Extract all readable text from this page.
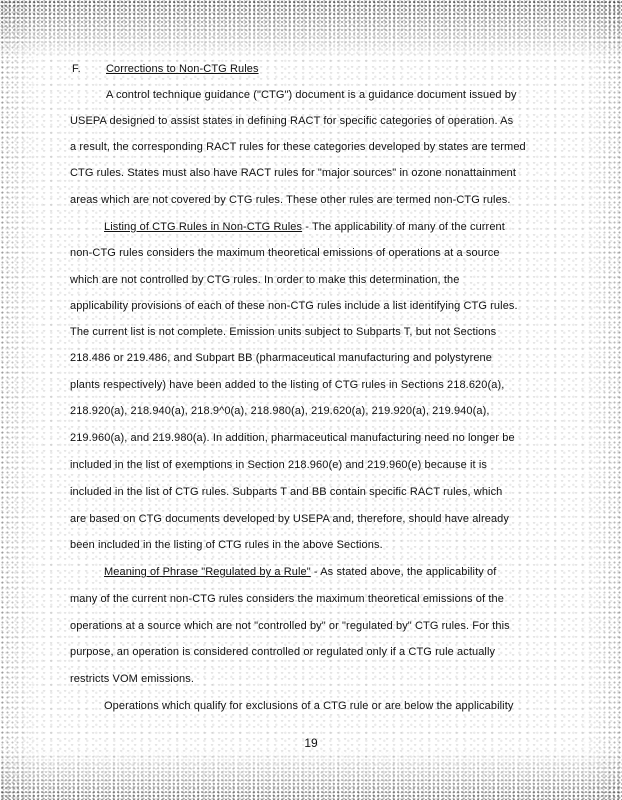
F. Corrections to Non-CTG Rules
A control technique guidance ("CTG") document is a guidance document issued by
USEPA designed to assist states in defining RACT for specific categories of operation. As
a result, the corresponding RACT rules for these categories developed by states are termed
CTG rules. States must also have RACT rules for "major sources" in ozone nonattainment
areas which are not covered by CTG rules. These other rules are termed non-CTG rules.
Listing of CTG Rules in Non-CTG Rules - The applicability of many of the current
non-CTG rules considers the maximum theoretical emissions of operations at a source
which are not controlled by CTG rules. In order to make this determination, the
applicability provisions of each of these non-CTG rules include a list identifying CTG rules.
The current list is not complete. Emission units subject to Subparts T, but not Sections
218.486 or 219.486, and Subpart BB (pharmaceutical manufacturing and polystyrene
plants respectively) have been added to the listing of CTG rules in Sections 218.620(a),
218.920(a), 218.940(a), 218.9^0(a), 218.980(a), 219.620(a), 219.920(a), 219.940(a),
219.960(a), and 219.980(a). In addition, pharmaceutical manufacturing need no longer be
included in the list of exemptions in Section 218.960(e) and 219.960(e) because it is
included in the list of CTG rules. Subparts T and BB contain specific RACT rules, which
are based on CTG documents developed by USEPA and, therefore, should have already
been included in the listing of CTG rules in the above Sections.
Meaning of Phrase "Regulated by a Rule" - As stated above, the applicability of
many of the current non-CTG rules considers the maximum theoretical emissions of the
operations at a source which are not "controlled by" or "regulated by" CTG rules. For this
purpose, an operation is considered controlled or regulated only if a CTG rule actually
restricts VOM emissions.
Operations which qualify for exclusions of a CTG rule or are below the applicability
19
